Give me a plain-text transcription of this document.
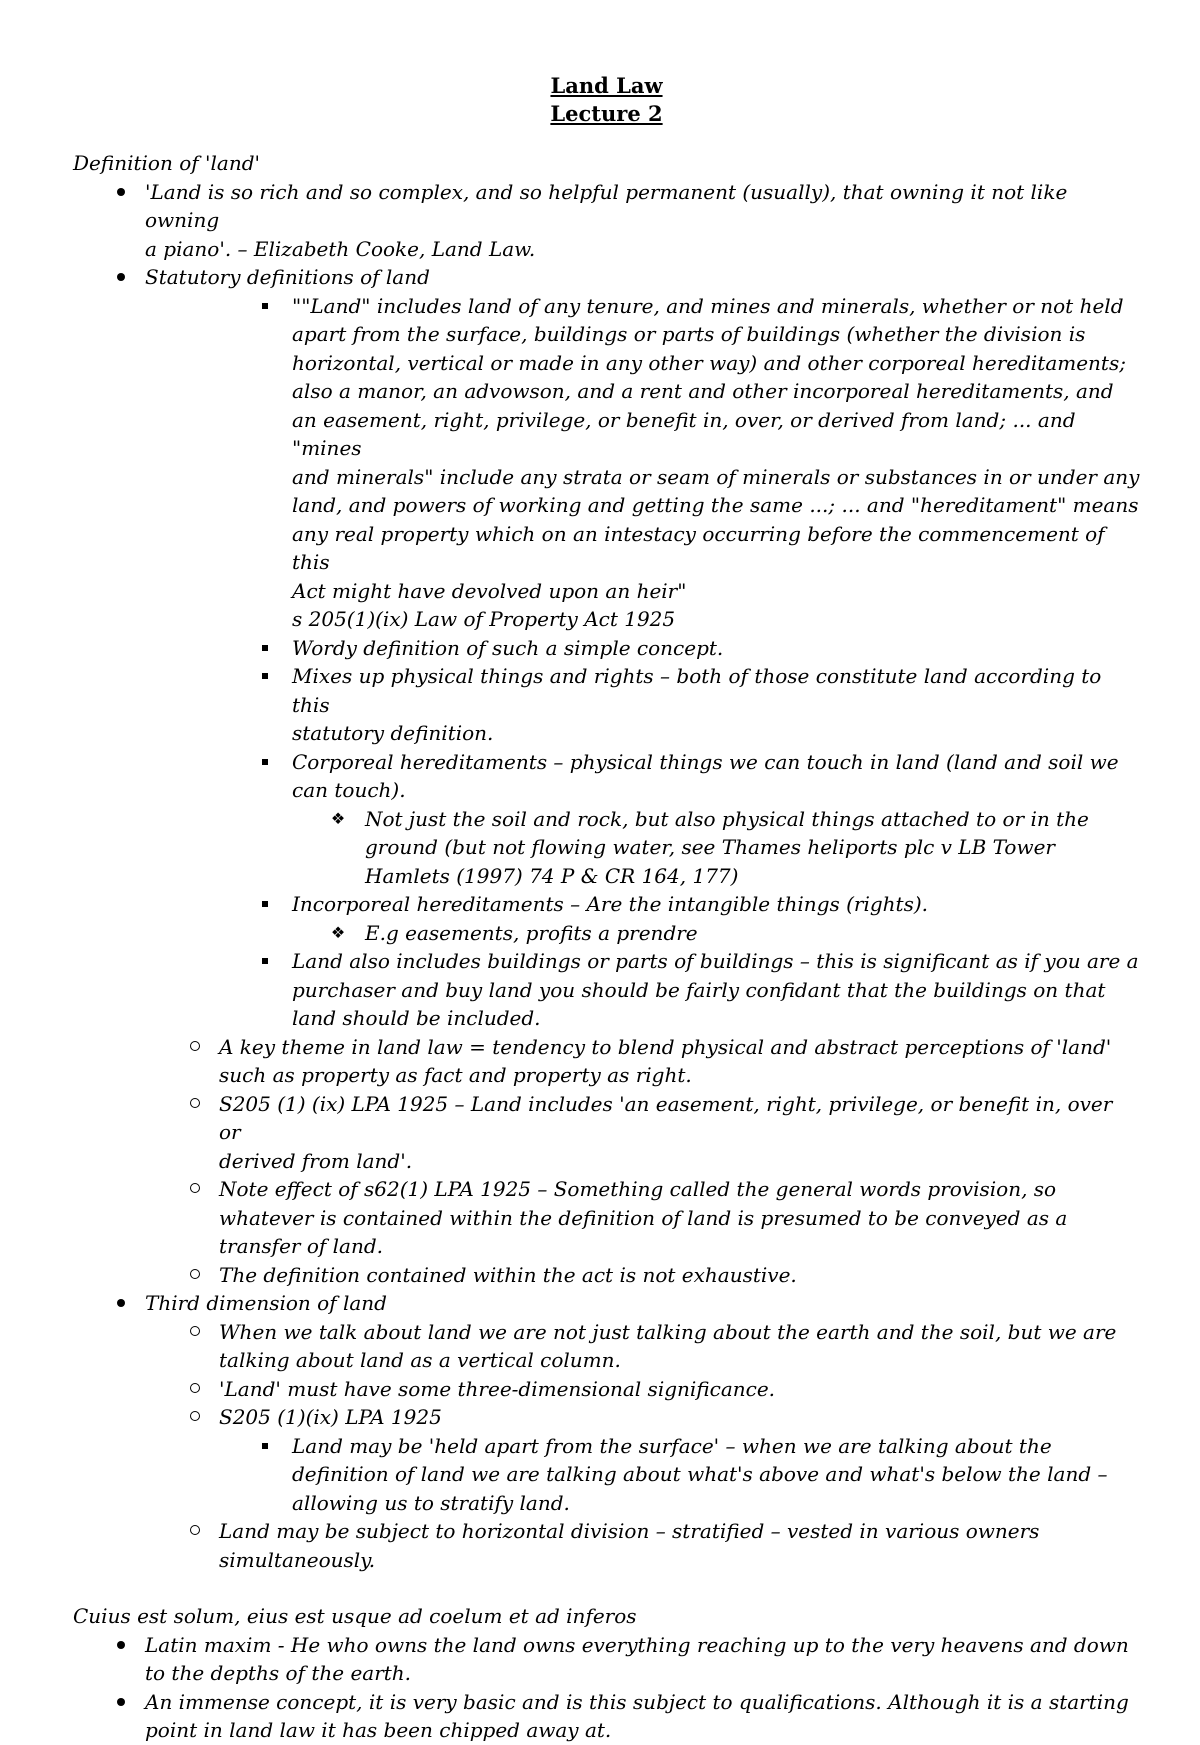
Land Law
Lecture 2
Definition of 'land'
'Land is so rich and so complex, and so helpful permanent (usually), that owning it not like owning
a piano'. – Elizabeth Cooke, Land Law.
Statutory definitions of land
""Land" includes land of any tenure, and mines and minerals, whether or not held
apart from the surface, buildings or parts of buildings (whether the division is
horizontal, vertical or made in any other way) and other corporeal hereditaments;
also a manor, an advowson, and a rent and other incorporeal hereditaments, and
an easement, right, privilege, or benefit in, over, or derived from land; ... and "mines
and minerals" include any strata or seam of minerals or substances in or under any
land, and powers of working and getting the same ...; ... and "hereditament" means
any real property which on an intestacy occurring before the commencement of this
Act might have devolved upon an heir"
s 205(1)(ix) Law of Property Act 1925
Wordy definition of such a simple concept.
Mixes up physical things and rights – both of those constitute land according to this
statutory definition.
Corporeal hereditaments – physical things we can touch in land (land and soil we
can touch).
❖ Not just the soil and rock, but also physical things attached to or in the
ground (but not flowing water, see Thames heliports plc v LB Tower
Hamlets (1997) 74 P & CR 164, 177)
Incorporeal hereditaments – Are the intangible things (rights).
❖ E.g easements, profits a prendre
Land also includes buildings or parts of buildings – this is significant as if you are a
purchaser and buy land you should be fairly confidant that the buildings on that
land should be included.
A key theme in land law = tendency to blend physical and abstract perceptions of 'land'
such as property as fact and property as right.
S205 (1) (ix) LPA 1925 – Land includes 'an easement, right, privilege, or benefit in, over or
derived from land'.
Note effect of s62(1) LPA 1925 – Something called the general words provision, so
whatever is contained within the definition of land is presumed to be conveyed as a
transfer of land.
The definition contained within the act is not exhaustive.
Third dimension of land
When we talk about land we are not just talking about the earth and the soil, but we are
talking about land as a vertical column.
'Land' must have some three-dimensional significance.
S205 (1)(ix) LPA 1925
Land may be 'held apart from the surface' – when we are talking about the
definition of land we are talking about what's above and what's below the land –
allowing us to stratify land.
Land may be subject to horizontal division – stratified – vested in various owners
simultaneously.
Cuius est solum, eius est usque ad coelum et ad inferos
Latin maxim - He who owns the land owns everything reaching up to the very heavens and down
to the depths of the earth.
An immense concept, it is very basic and is this subject to qualifications. Although it is a starting
point in land law it has been chipped away at.
